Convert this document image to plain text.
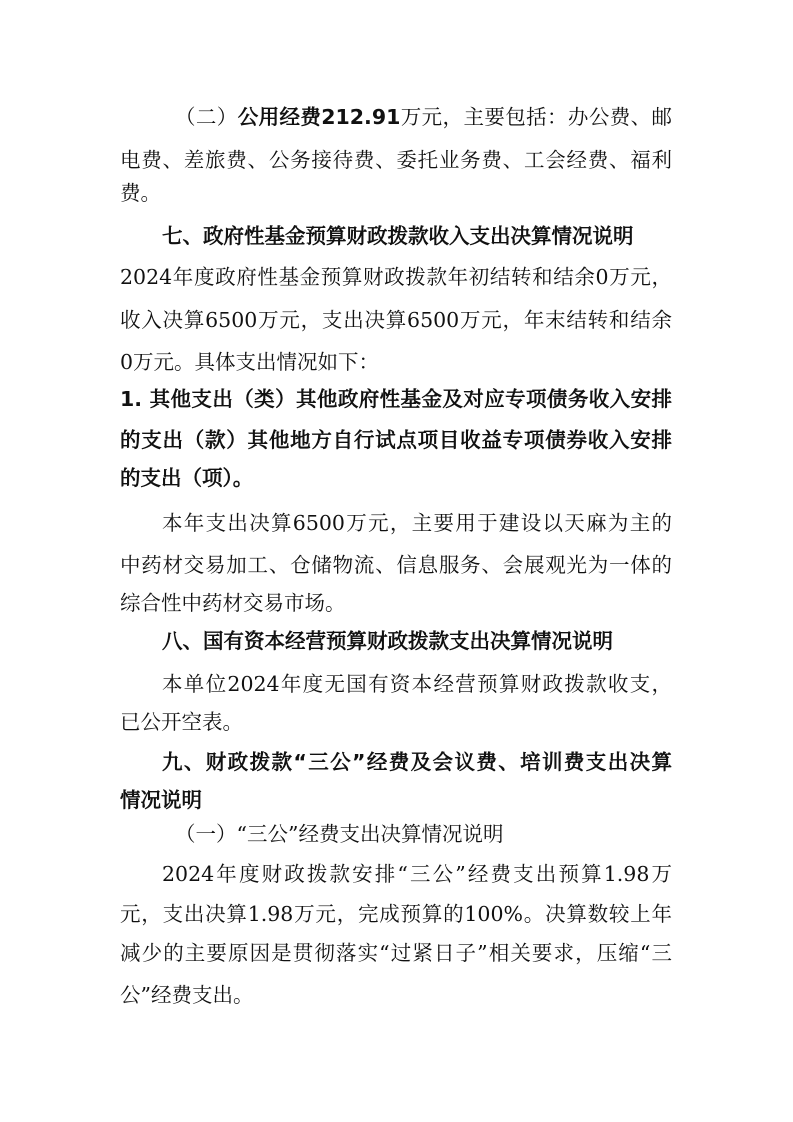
（二）公用经费212.91万元，主要包括：办公费、邮
电费、差旅费、公务接待费、委托业务费、工会经费、福利
费。
七、政府性基金预算财政拨款收入支出决算情况说明
2024年度政府性基金预算财政拨款年初结转和结余0万元，
收入决算6500万元，支出决算6500万元，年末结转和结余
0万元。具体支出情况如下：
1. 其他支出（类）其他政府性基金及对应专项债务收入安排
的支出（款）其他地方自行试点项目收益专项债券收入安排
的支出（项）。
本年支出决算6500万元，主要用于建设以天麻为主的
中药材交易加工、仓储物流、信息服务、会展观光为一体的
综合性中药材交易市场。
八、国有资本经营预算财政拨款支出决算情况说明
本单位2024年度无国有资本经营预算财政拨款收支，
已公开空表。
九、财政拨款“三公”经费及会议费、培训费支出决算
情况说明
（一）“三公”经费支出决算情况说明
2024年度财政拨款安排“三公”经费支出预算1.98万
元，支出决算1.98万元，完成预算的100%。决算数较上年
减少的主要原因是贯彻落实“过紧日子”相关要求，压缩“三
公”经费支出。
